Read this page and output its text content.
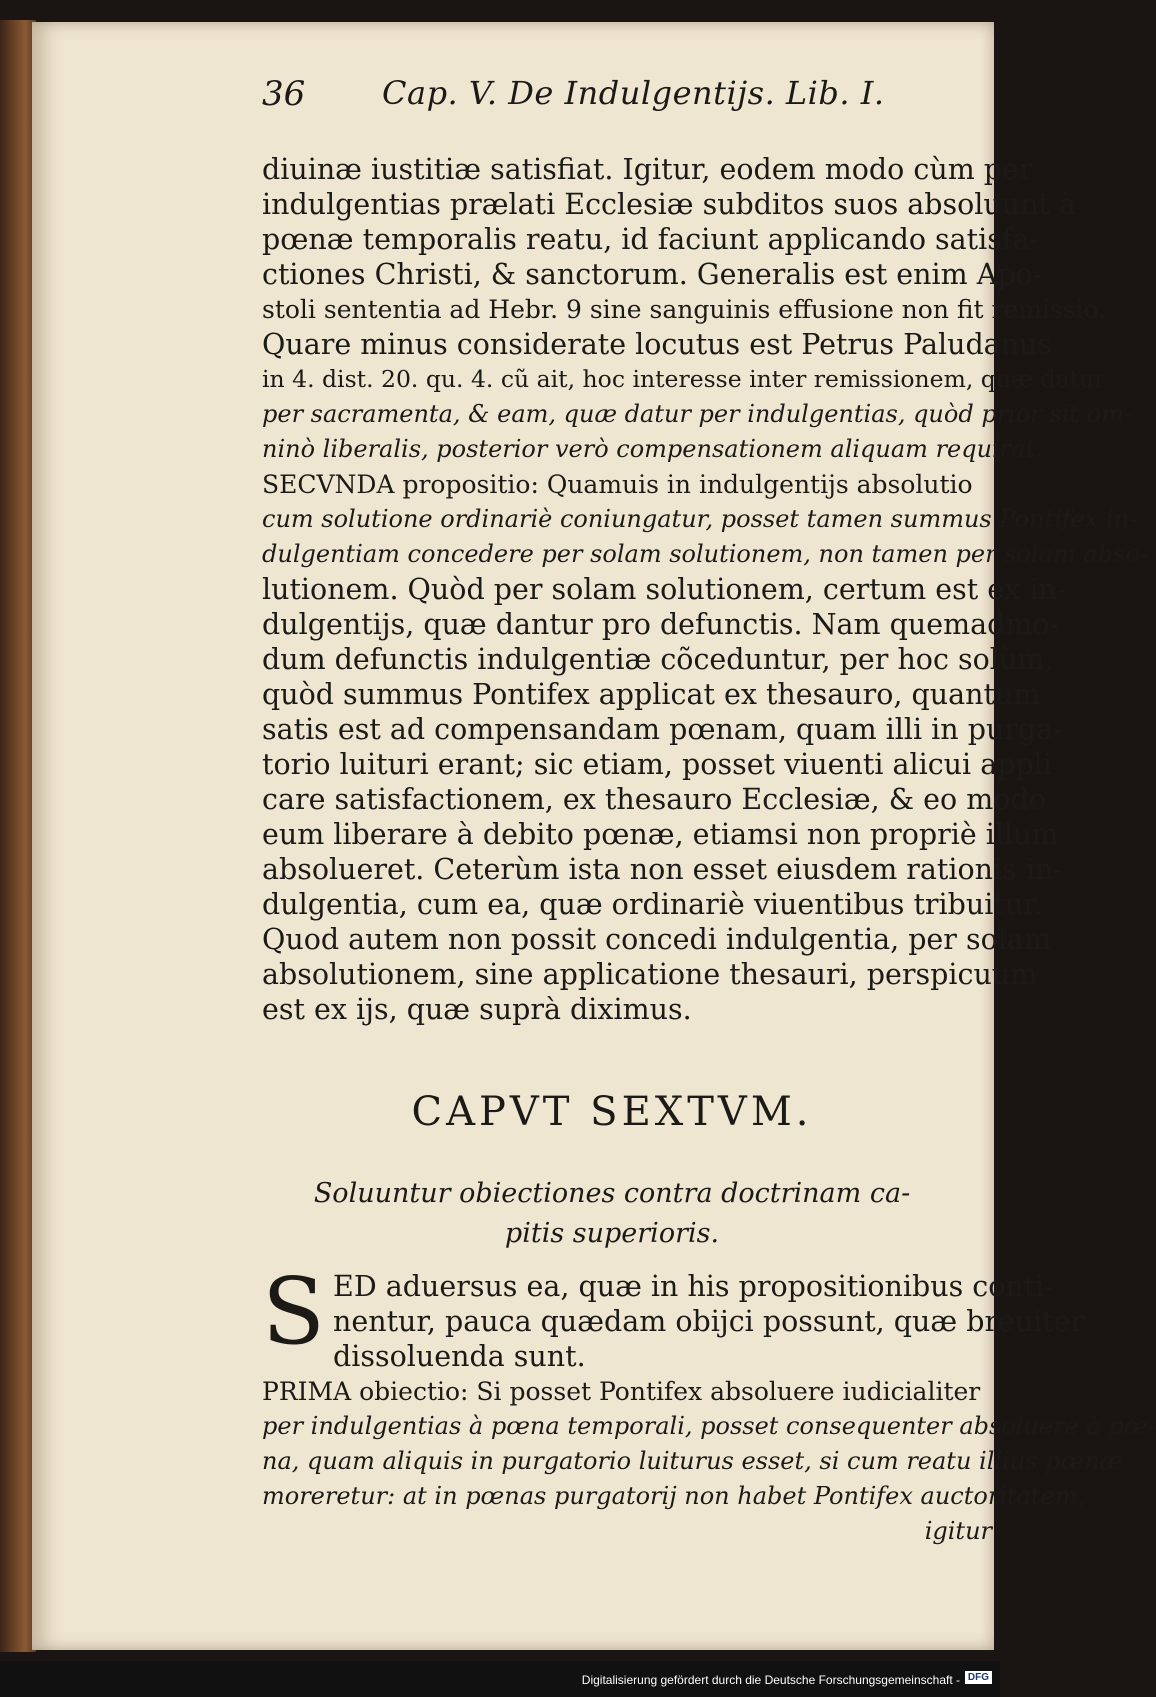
36 Cap. V. De Indulgentijs. Lib. I.
diuinæ iustitiæ satisfiat. Igitur, eodem modo cùm per
indulgentias prælati Ecclesiæ subditos suos absoluunt à
pœnæ temporalis reatu, id faciunt applicando satisfa-
ctiones Christi, & sanctorum. Generalis est enim Apo-
stoli sententia ad Hebr. 9 sine sanguinis effusione non fit remissio.
Quare minus considerate locutus est Petrus Paludanus
in 4. dist. 20. qu. 4. cũ ait, hoc interesse inter remissionem, quæ datur
per sacramenta, & eam, quæ datur per indulgentias, quòd prior sit om-
ninò liberalis, posterior verò compensationem aliquam requirat.
SECVNDA propositio: Quamuis in indulgentijs absolutio
cum solutione ordinariè coniungatur, posset tamen summus Pontifex in-
dulgentiam concedere per solam solutionem, non tamen per solam abso-
lutionem. Quòd per solam solutionem, certum est ex in-
dulgentijs, quæ dantur pro defunctis. Nam quemadmo-
dum defunctis indulgentiæ cõceduntur, per hoc solùm,
quòd summus Pontifex applicat ex thesauro, quantum
satis est ad compensandam pœnam, quam illi in purga-
torio luituri erant; sic etiam, posset viuenti alicui appli
care satisfactionem, ex thesauro Ecclesiæ, & eo modo
eum liberare à debito pœnæ, etiamsi non propriè illum
absolueret. Ceterùm ista non esset eiusdem rationis in-
dulgentia, cum ea, quæ ordinariè viuentibus tribuitur.
Quod autem non possit concedi indulgentia, per solam
absolutionem, sine applicatione thesauri, perspicuum
est ex ijs, quæ suprà diximus.
CAPVT SEXTVM.
Soluuntur obiectiones contra doctrinam ca-
pitis superioris.
S ED aduersus ea, quæ in his propositionibus conti-
nentur, pauca quædam obijci possunt, quæ breuiter
dissoluenda sunt.
PRIMA obiectio: Si posset Pontifex absoluere iudicialiter
per indulgentias à pœna temporali, posset consequenter absoluere à pœ-
na, quam aliquis in purgatorio luiturus esset, si cum reatu illius pœnæ
moreretur: at in pœnas purgatorij non habet Pontifex auctoritatem,
igitur
Digitalisierung gefördert durch die Deutsche Forschungsgemeinschaft - DFG
